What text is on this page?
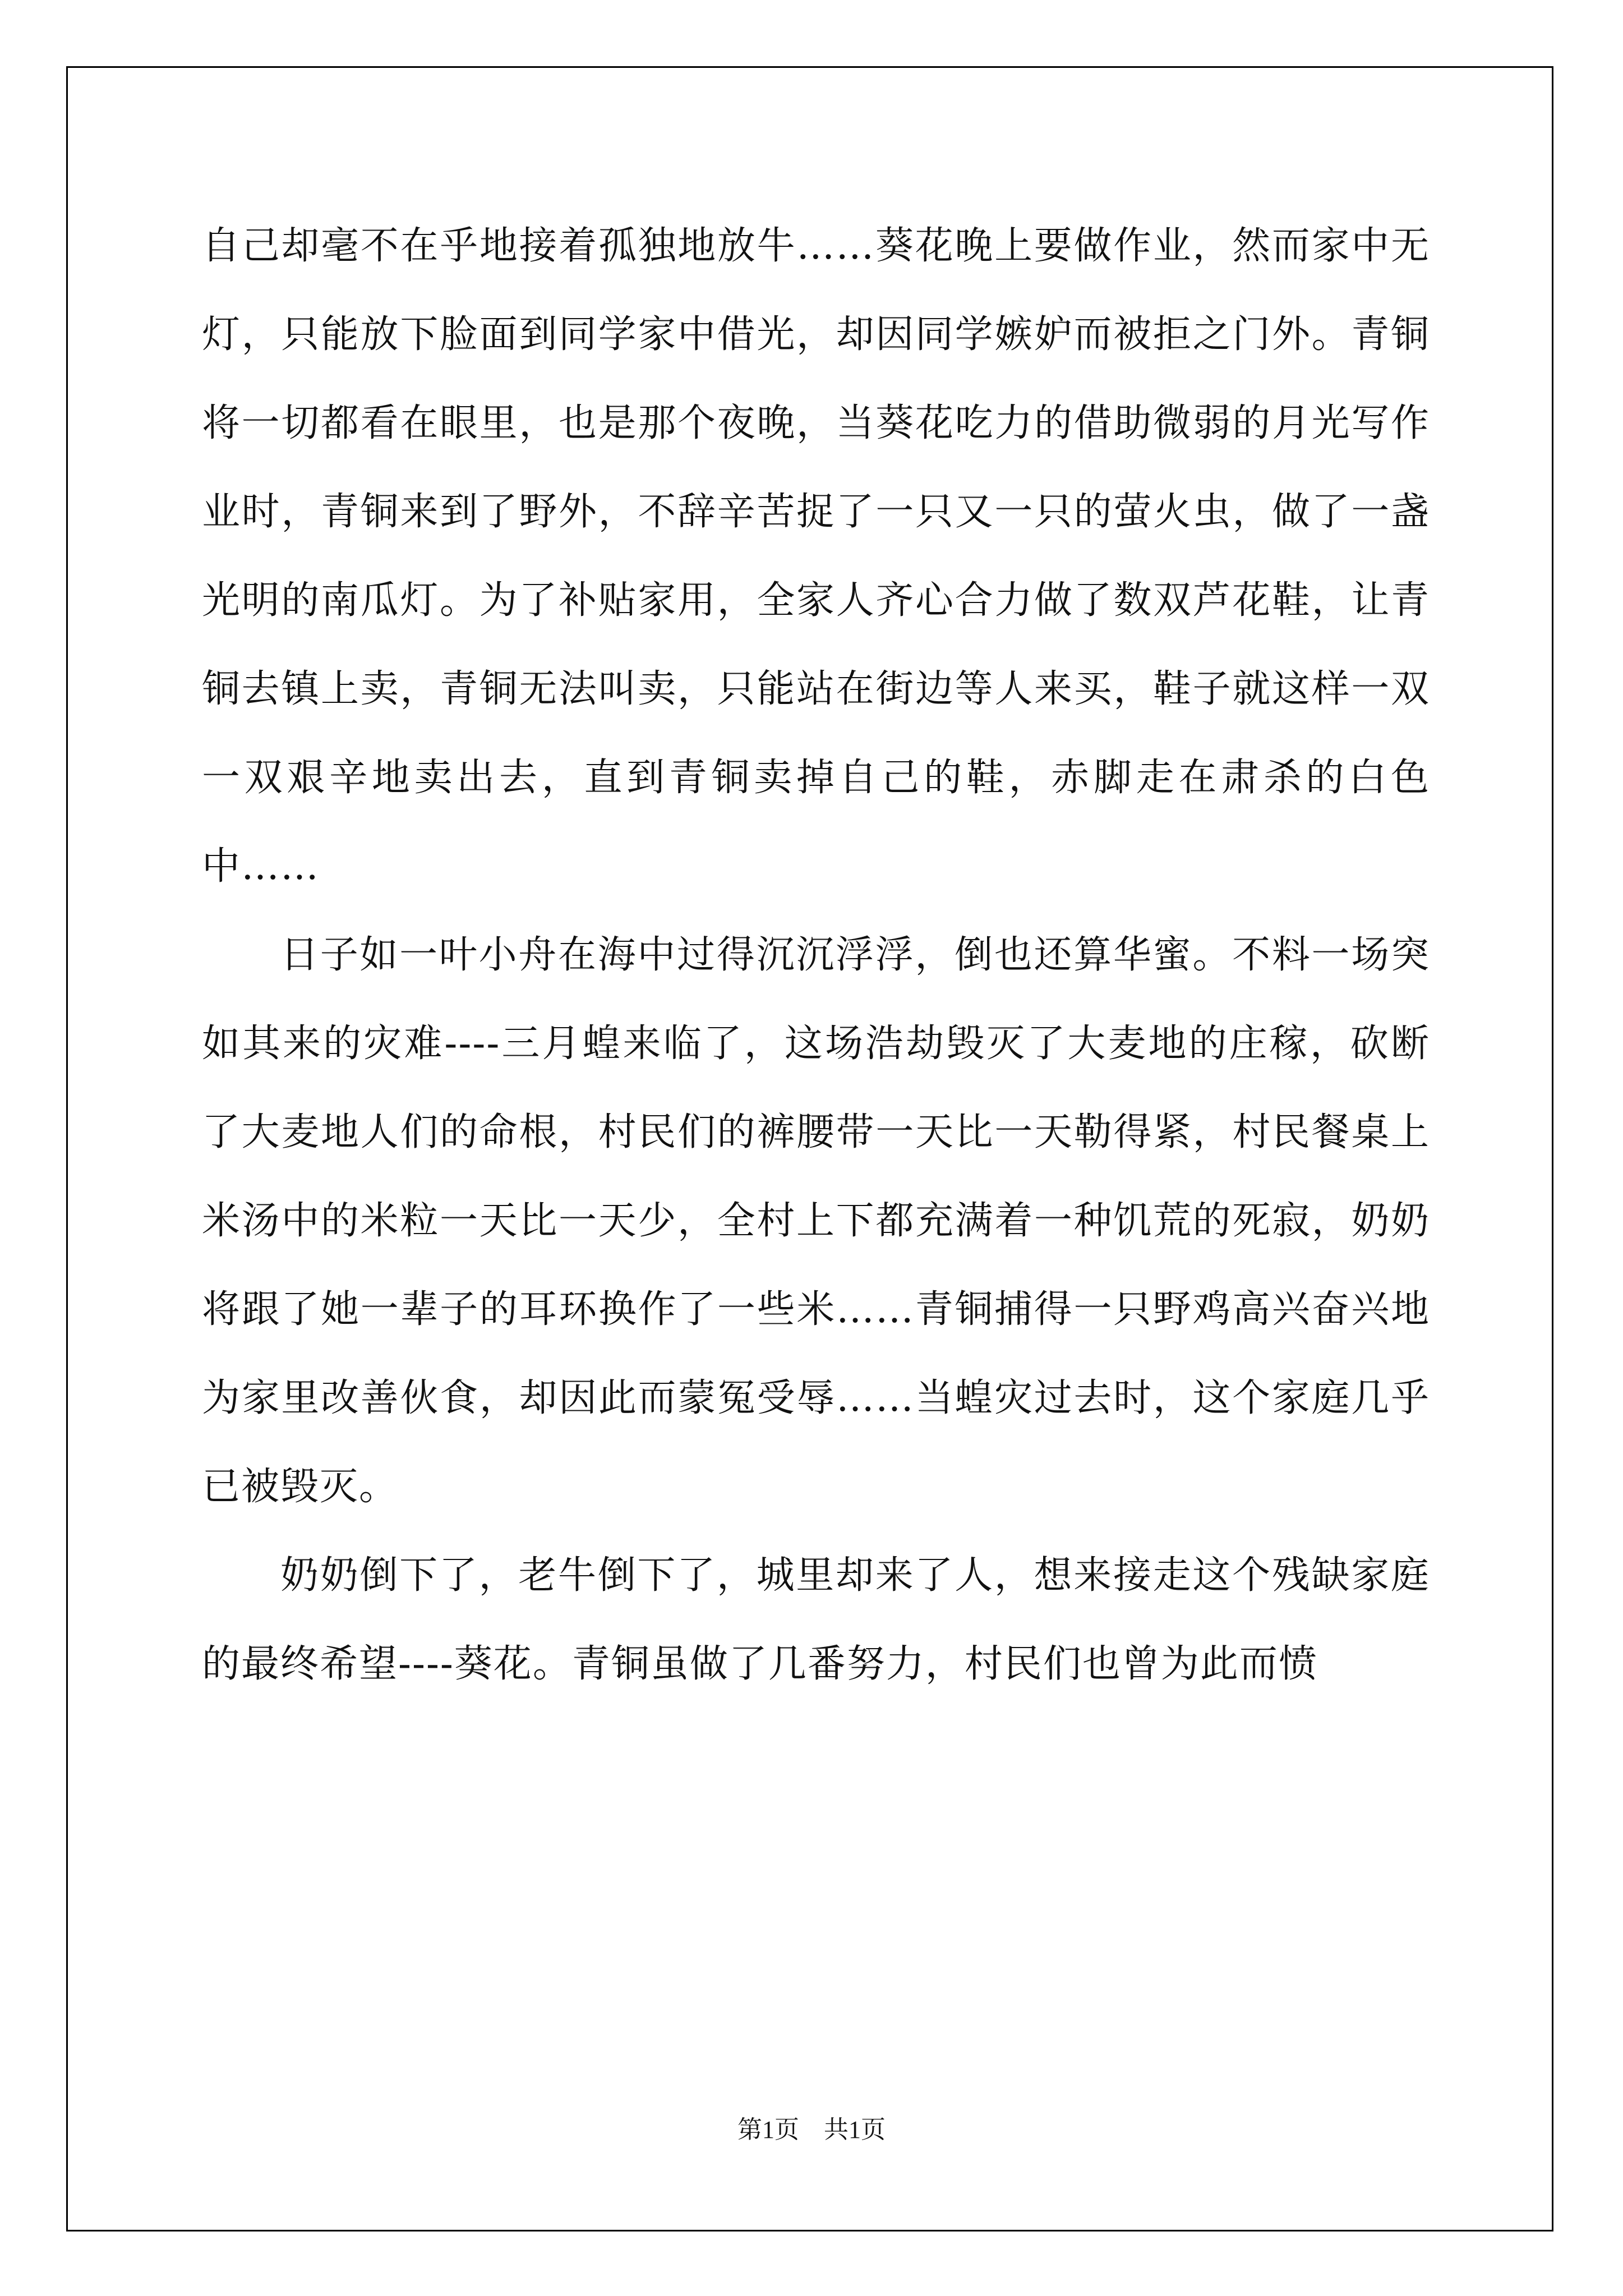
自己却毫不在乎地接着孤独地放牛……葵花晚上要做作业，然而家中无灯，只能放下脸面到同学家中借光，却因同学嫉妒而被拒之门外。青铜将一切都看在眼里，也是那个夜晚，当葵花吃力的借助微弱的月光写作业时，青铜来到了野外，不辞辛苦捉了一只又一只的萤火虫，做了一盏光明的南瓜灯。为了补贴家用，全家人齐心合力做了数双芦花鞋，让青铜去镇上卖，青铜无法叫卖，只能站在街边等人来买，鞋子就这样一双一双艰辛地卖出去，直到青铜卖掉自己的鞋，赤脚走在肃杀的白色中……

日子如一叶小舟在海中过得沉沉浮浮，倒也还算华蜜。不料一场突如其来的灾难----三月蝗来临了，这场浩劫毁灭了大麦地的庄稼，砍断了大麦地人们的命根，村民们的裤腰带一天比一天勒得紧，村民餐桌上米汤中的米粒一天比一天少，全村上下都充满着一种饥荒的死寂，奶奶将跟了她一辈子的耳环换作了一些米……青铜捕得一只野鸡高兴奋兴地为家里改善伙食，却因此而蒙冤受辱……当蝗灾过去时，这个家庭几乎已被毁灭。

奶奶倒下了，老牛倒下了，城里却来了人，想来接走这个残缺家庭的最终希望----葵花。青铜虽做了几番努力，村民们也曾为此而愤

第1页　共1页
